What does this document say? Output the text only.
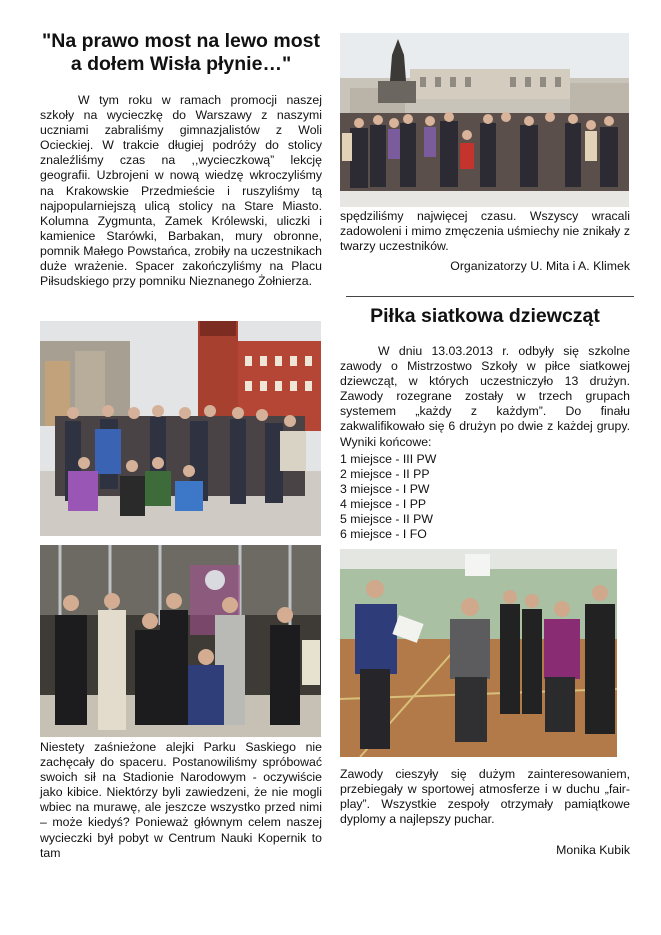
"Na prawo most na lewo most a dołem Wisła płynie…"
W tym roku w ramach promocji naszej szkoły na wycieczkę do Warszawy z naszymi uczniami zabraliśmy gimnazjalistów z Woli Ocieckiej. W trakcie długiej podróży do stolicy znaleźliśmy czas na ,,wycieczkową” lekcję geografii. Uzbrojeni w nową wiedzę wkroczyliśmy na Krakowskie Przedmieście i ruszyliśmy tą najpopularniejszą ulicą stolicy na Stare Miasto. Kolumna Zygmunta, Zamek Królewski, uliczki i kamienice Starówki, Barbakan, mury obronne, pomnik Małego Powstańca, zrobiły na uczestnikach duże wrażenie. Spacer zakończyliśmy na Placu Piłsudskiego przy pomniku Nieznanego Żołnierza.
spędziliśmy najwięcej czasu. Wszyscy wracali zadowoleni i mimo zmęczenia uśmiechy nie znikały z twarzy uczestników.
Organizatorzy U. Mita i A. Klimek
Piłka siatkowa dziewcząt
W dniu 13.03.2013 r. odbyły się szkolne zawody o Mistrzostwo Szkoły w piłce siatkowej dziewcząt, w których uczestniczyło 13 drużyn. Zawody rozegrane zostały w trzech grupach systemem „każdy z każdym”. Do finału zakwalifikowało się 6 drużyn po dwie z każdej grupy. Wyniki końcowe:
1 miejsce - III PW
2 miejsce - II PP
3 miejsce - I PW
4 miejsce - I PP
5 miejsce - II PW
6 miejsce - I FO
Niestety zaśnieżone alejki Parku Saskiego nie zachęcały do spaceru. Postanowiliśmy spróbować swoich sił na Stadionie Narodowym - oczywiście jako kibice. Niektórzy byli zawiedzeni, że nie mogli wbiec na murawę, ale jeszcze wszystko przed nimi – może kiedyś? Ponieważ głównym celem naszej wycieczki był pobyt w Centrum Nauki Kopernik to tam
Zawody cieszyły się dużym zainteresowaniem, przebiegały w sportowej atmosferze i w duchu „fair-play”. Wszystkie zespoły otrzymały pamiątkowe dyplomy a najlepszy puchar.
Monika Kubik
